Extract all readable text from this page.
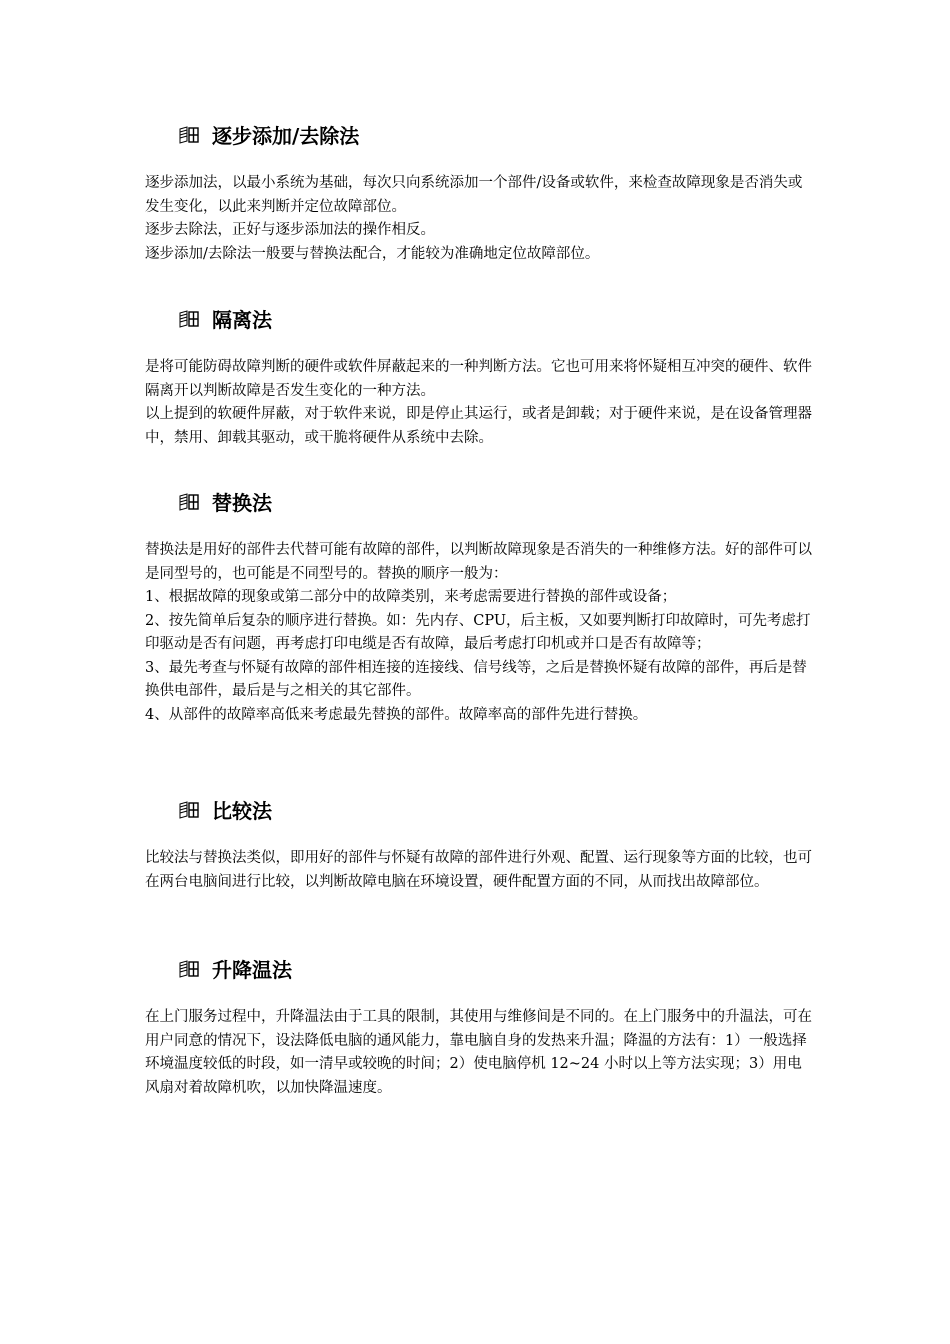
逐步添加/去除法

逐步添加法，以最小系统为基础，每次只向系统添加一个部件/设备或软件，来检查故障现象是否消失或发生变化，以此来判断并定位故障部位。

逐步去除法，正好与逐步添加法的操作相反。

逐步添加/去除法一般要与替换法配合，才能较为准确地定位故障部位。

隔离法

是将可能防碍故障判断的硬件或软件屏蔽起来的一种判断方法。它也可用来将怀疑相互冲突的硬件、软件隔离开以判断故障是否发生变化的一种方法。

以上提到的软硬件屏蔽，对于软件来说，即是停止其运行，或者是卸载；对于硬件来说，是在设备管理器中，禁用、卸载其驱动，或干脆将硬件从系统中去除。

替换法

替换法是用好的部件去代替可能有故障的部件，以判断故障现象是否消失的一种维修方法。好的部件可以是同型号的，也可能是不同型号的。替换的顺序一般为：

1、根据故障的现象或第二部分中的故障类别，来考虑需要进行替换的部件或设备；

2、按先简单后复杂的顺序进行替换。如：先内存、CPU，后主板，又如要判断打印故障时，可先考虑打印驱动是否有问题，再考虑打印电缆是否有故障，最后考虑打印机或并口是否有故障等；

3、最先考查与怀疑有故障的部件相连接的连接线、信号线等，之后是替换怀疑有故障的部件，再后是替换供电部件，最后是与之相关的其它部件。

4、从部件的故障率高低来考虑最先替换的部件。故障率高的部件先进行替换。

比较法

比较法与替换法类似，即用好的部件与怀疑有故障的部件进行外观、配置、运行现象等方面的比较，也可在两台电脑间进行比较，以判断故障电脑在环境设置，硬件配置方面的不同，从而找出故障部位。

升降温法

在上门服务过程中，升降温法由于工具的限制，其使用与维修间是不同的。在上门服务中的升温法，可在用户同意的情况下，设法降低电脑的通风能力，靠电脑自身的发热来升温；降温的方法有：1）一般选择环境温度较低的时段，如一清早或较晚的时间；2）使电脑停机 12~24 小时以上等方法实现；3）用电风扇对着故障机吹，以加快降温速度。
